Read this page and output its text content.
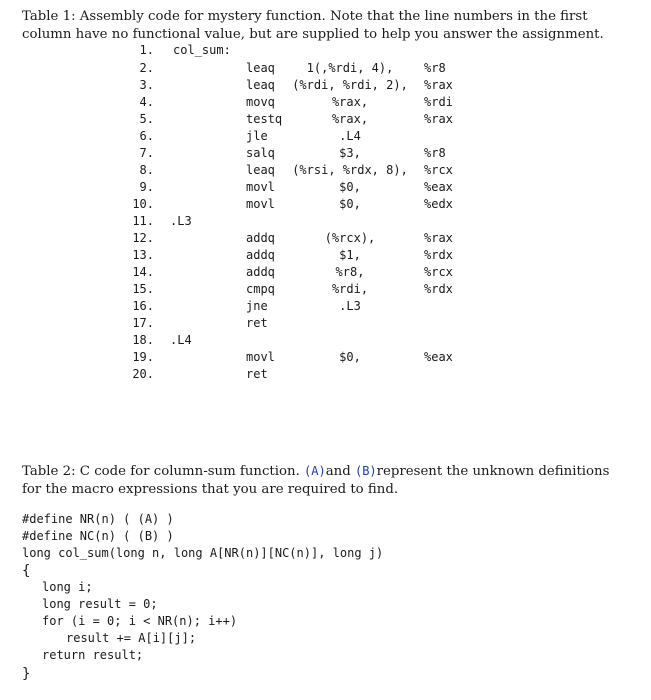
Table 1: Assembly code for mystery function. Note that the line numbers in the first column have no functional value, but are supplied to help you answer the assignment.
1. col_sum:
2.	leaq	1(,%rdi, 4),	%r8
3.	leaq	(%rdi, %rdi, 2),	%rax
4.	movq	%rax,	%rdi
5.	testq	%rax,	%rax
6.	jle	.L4
7.	salq	$3,	%r8
8.	leaq	(%rsi, %rdx, 8),	%rcx
9.	movl	$0,	%eax
10.	movl	$0,	%edx
11. .L3
12.	addq	(%rcx),	%rax
13.	addq	$1,	%rdx
14.	addq	%r8,	%rcx
15.	cmpq	%rdi,	%rdx
16.	jne	.L3
17.	ret
18. .L4
19.	movl	$0,	%eax
20.	ret
Table 2: C code for column-sum function. (A)and (B)represent the unknown definitions for the macro expressions that you are required to find.
#define NR(n) ( (A) )
#define NC(n) ( (B) )
long col_sum(long n, long A[NR(n)][NC(n)], long j)
{
long i;
long result = 0;
for (i = 0; i < NR(n); i++)
result += A[i][j];
return result;
}
